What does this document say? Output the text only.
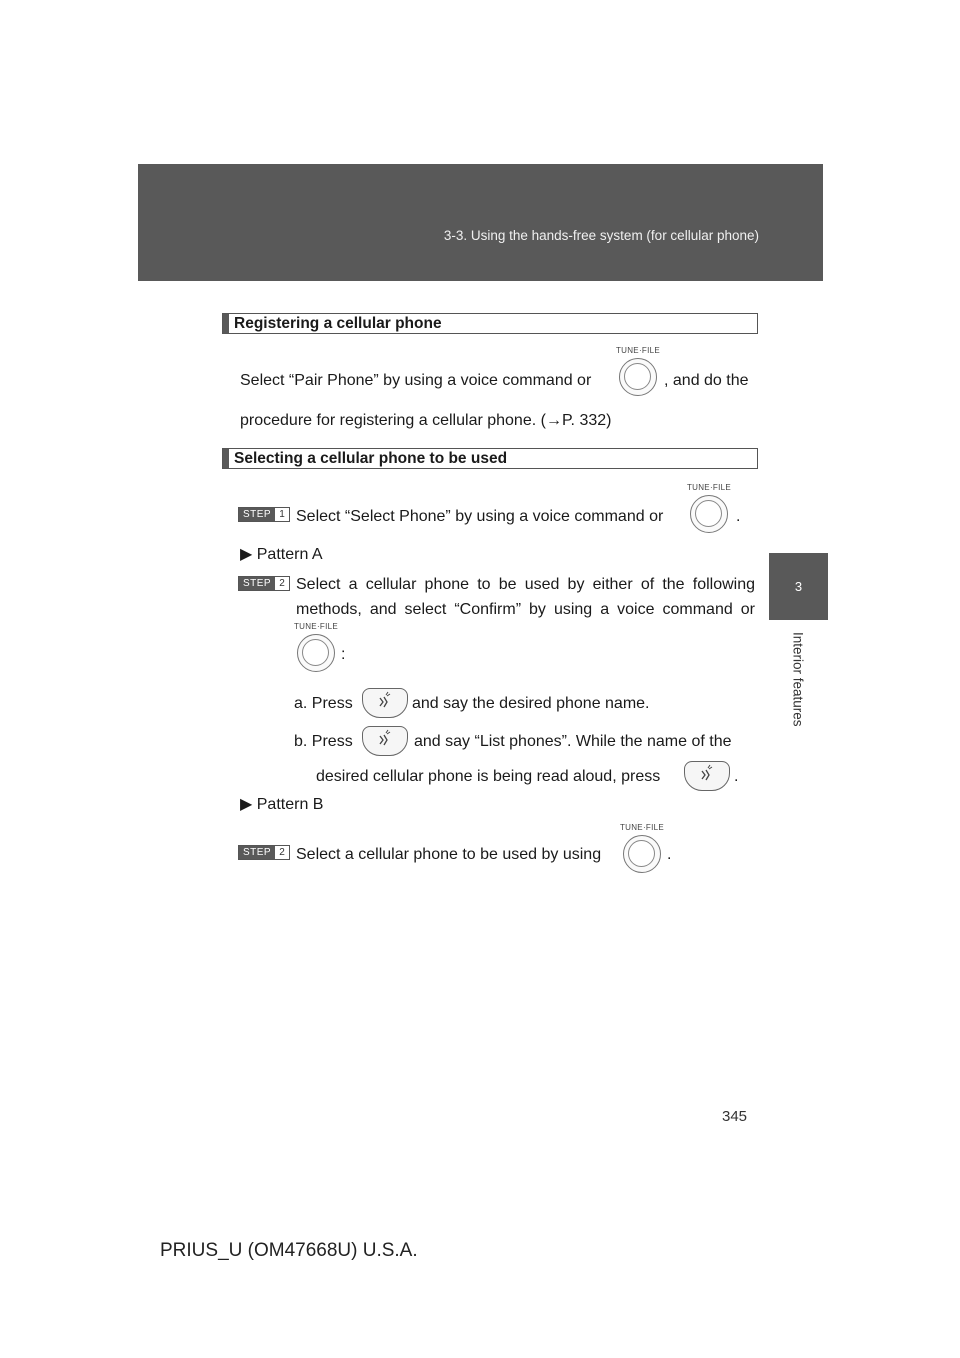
3-3. Using the hands-free system (for cellular phone)
3
Interior features
Registering a cellular phone
Select “Pair Phone” by using a voice command or
TUNE·FILE
, and do the
procedure for registering a cellular phone. (→P. 332)
Selecting a cellular phone to be used
STEP 1 Select “Select Phone” by using a voice command or
TUNE·FILE
.
▶ Pattern A
STEP 2 Select a cellular phone to be used by either of the following
methods, and select “Confirm” by using a voice command or
TUNE·FILE
:
a. Press	and say the desired phone name.
b. Press	and say “List phones”. While the name of the
desired cellular phone is being read aloud, press	.
▶ Pattern B
STEP 2 Select a cellular phone to be used by using
TUNE·FILE
.
345
PRIUS_U (OM47668U) U.S.A.
